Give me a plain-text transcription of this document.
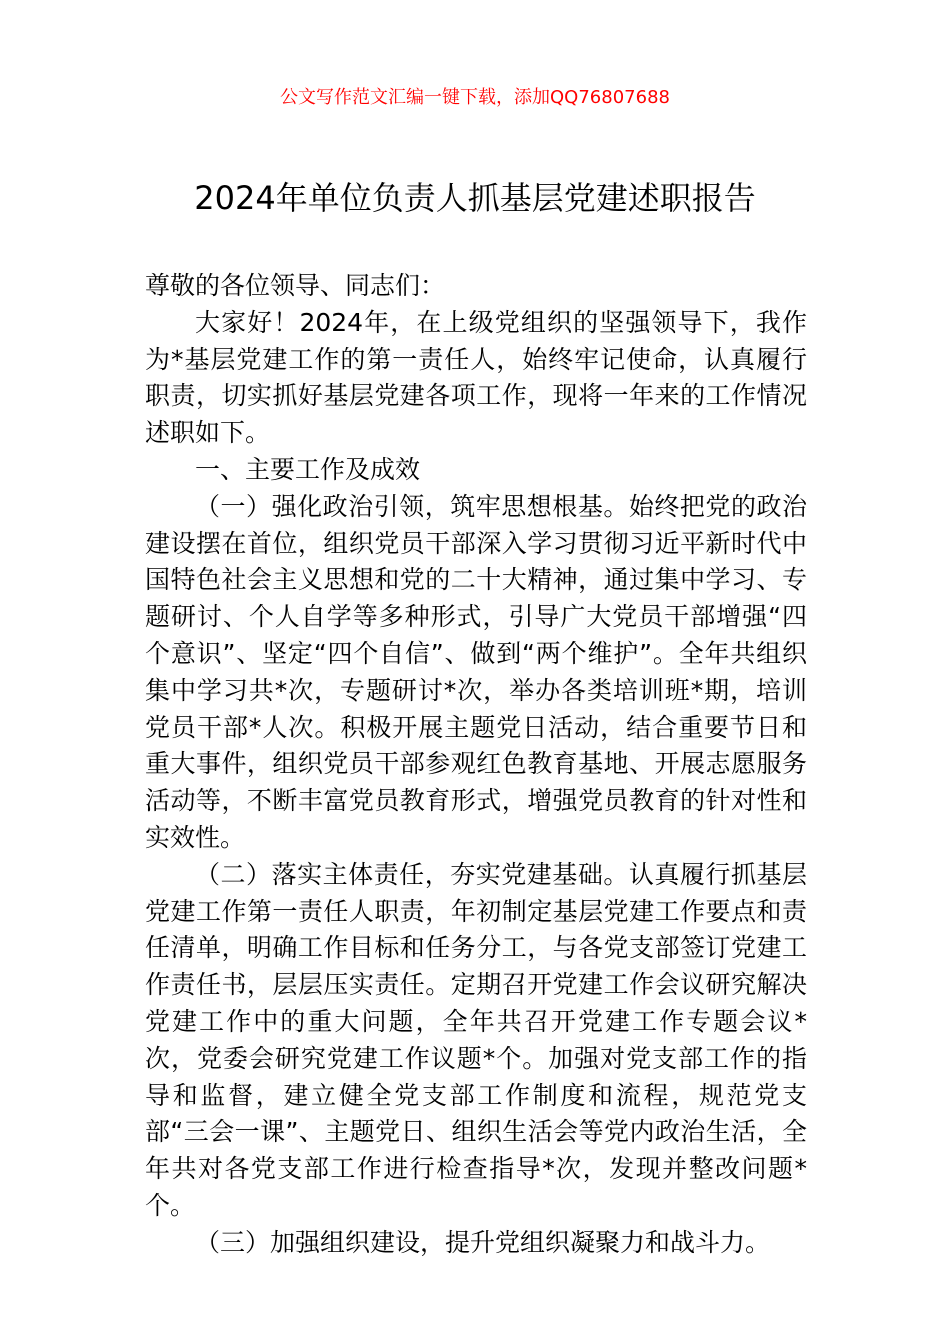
公文写作范文汇编一键下载，添加QQ76807688
2024年单位负责人抓基层党建述职报告

尊敬的各位领导、同志们：

大家好！2024年，在上级党组织的坚强领导下，我作为*基层党建工作的第一责任人，始终牢记使命，认真履行职责，切实抓好基层党建各项工作，现将一年来的工作情况述职如下。

一、主要工作及成效

（一）强化政治引领，筑牢思想根基。始终把党的政治建设摆在首位，组织党员干部深入学习贯彻习近平新时代中国特色社会主义思想和党的二十大精神，通过集中学习、专题研讨、个人自学等多种形式，引导广大党员干部增强“四个意识”、坚定“四个自信”、做到“两个维护”。全年共组织集中学习共*次，专题研讨*次，举办各类培训班*期，培训党员干部*人次。积极开展主题党日活动，结合重要节日和重大事件，组织党员干部参观红色教育基地、开展志愿服务活动等，不断丰富党员教育形式，增强党员教育的针对性和实效性。

（二）落实主体责任，夯实党建基础。认真履行抓基层党建工作第一责任人职责，年初制定基层党建工作要点和责任清单，明确工作目标和任务分工，与各党支部签订党建工作责任书，层层压实责任。定期召开党建工作会议研究解决党建工作中的重大问题，全年共召开党建工作专题会议*次，党委会研究党建工作议题*个。加强对党支部工作的指导和监督，建立健全党支部工作制度和流程，规范党支部“三会一课”、主题党日、组织生活会等党内政治生活，全年共对各党支部工作进行检查指导*次，发现并整改问题*个。

（三）加强组织建设，提升党组织凝聚力和战斗力。
